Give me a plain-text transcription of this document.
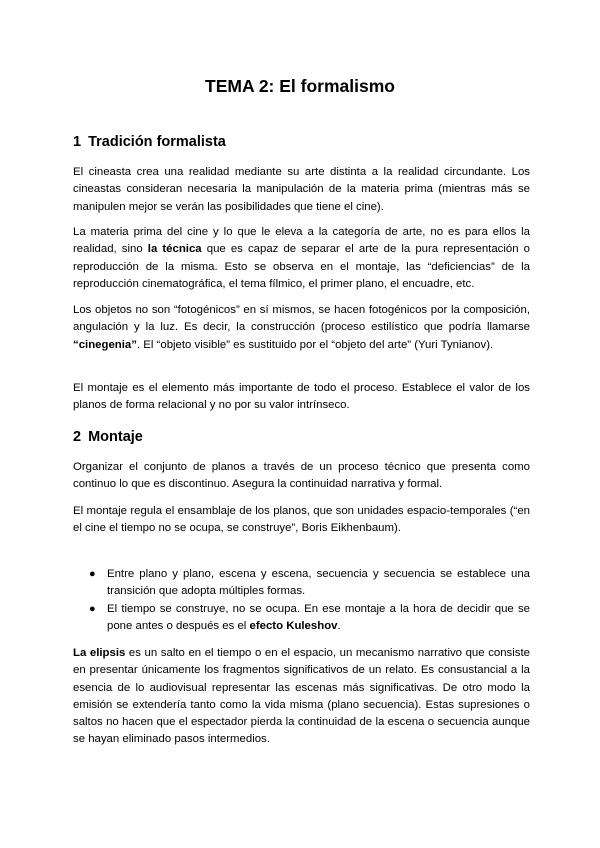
TEMA 2: El formalismo
1 Tradición formalista

El cineasta crea una realidad mediante su arte distinta a la realidad circundante. Los cineastas consideran necesaria la manipulación de la materia prima (mientras más se manipulen mejor se verán las posibilidades que tiene el cine).

La materia prima del cine y lo que le eleva a la categoría de arte, no es para ellos la realidad, sino la técnica que es capaz de separar el arte de la pura representación o reproducción de la misma. Esto se observa en el montaje, las “deficiencias” de la reproducción cinematográfica, el tema fílmico, el primer plano, el encuadre, etc.

Los objetos no son “fotogénicos” en sí mismos, se hacen fotogénicos por la composición, angulación y la luz. Es decir, la construcción (proceso estilístico que podría llamarse “cinegenia”. El “objeto visible” es sustituido por el “objeto del arte” (Yuri Tynianov).

El montaje es el elemento más importante de todo el proceso. Establece el valor de los planos de forma relacional y no por su valor intrínseco.

2 Montaje

Organizar el conjunto de planos a través de un proceso técnico que presenta como continuo lo que es discontinuo. Asegura la continuidad narrativa y formal.

El montaje regula el ensamblaje de los planos, que son unidades espacio-temporales (“en el cine el tiempo no se ocupa, se construye”, Boris Eikhenbaum).

● Entre plano y plano, escena y escena, secuencia y secuencia se establece una transición que adopta múltiples formas.
● El tiempo se construye, no se ocupa. En ese montaje a la hora de decidir que se pone antes o después es el efecto Kuleshov.

La elipsis es un salto en el tiempo o en el espacio, un mecanismo narrativo que consiste en presentar únicamente los fragmentos significativos de un relato. Es consustancial a la esencia de lo audiovisual representar las escenas más significativas. De otro modo la emisión se extendería tanto como la vida misma (plano secuencia). Estas supresiones o saltos no hacen que el espectador pierda la continuidad de la escena o secuencia aunque se hayan eliminado pasos intermedios.
